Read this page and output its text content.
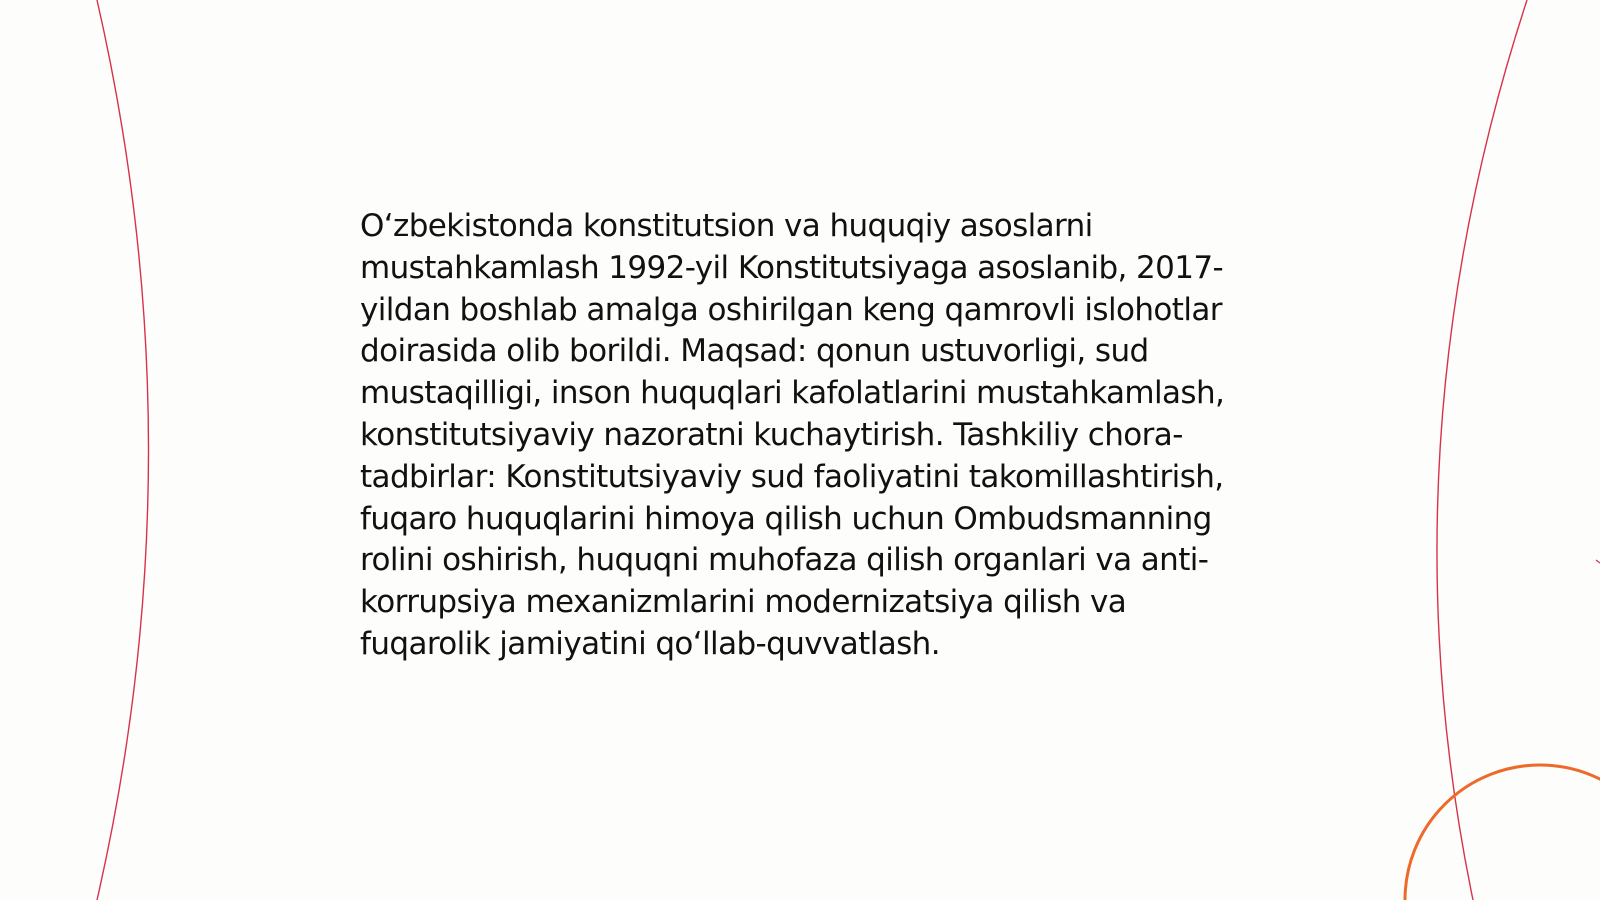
O‘zbekistonda konstitutsion va huquqiy asoslarni mustahkamlash 1992-yil Konstitutsiyaga asoslanib, 2017-yildan boshlab amalga oshirilgan keng qamrovli islohotlar doirasida olib borildi. Maqsad: qonun ustuvorligi, sud mustaqilligi, inson huquqlari kafolatlarini mustahkamlash, konstitutsiyaviy nazoratni kuchaytirish. Tashkiliy chora-tadbirlar: Konstitutsiyaviy sud faoliyatini takomillashtirish, fuqaro huquqlarini himoya qilish uchun Ombudsmanning rolini oshirish, huquqni muhofaza qilish organlari va anti-korrupsiya mexanizmlarini modernizatsiya qilish va fuqarolik jamiyatini qo‘llab-quvvatlash.
